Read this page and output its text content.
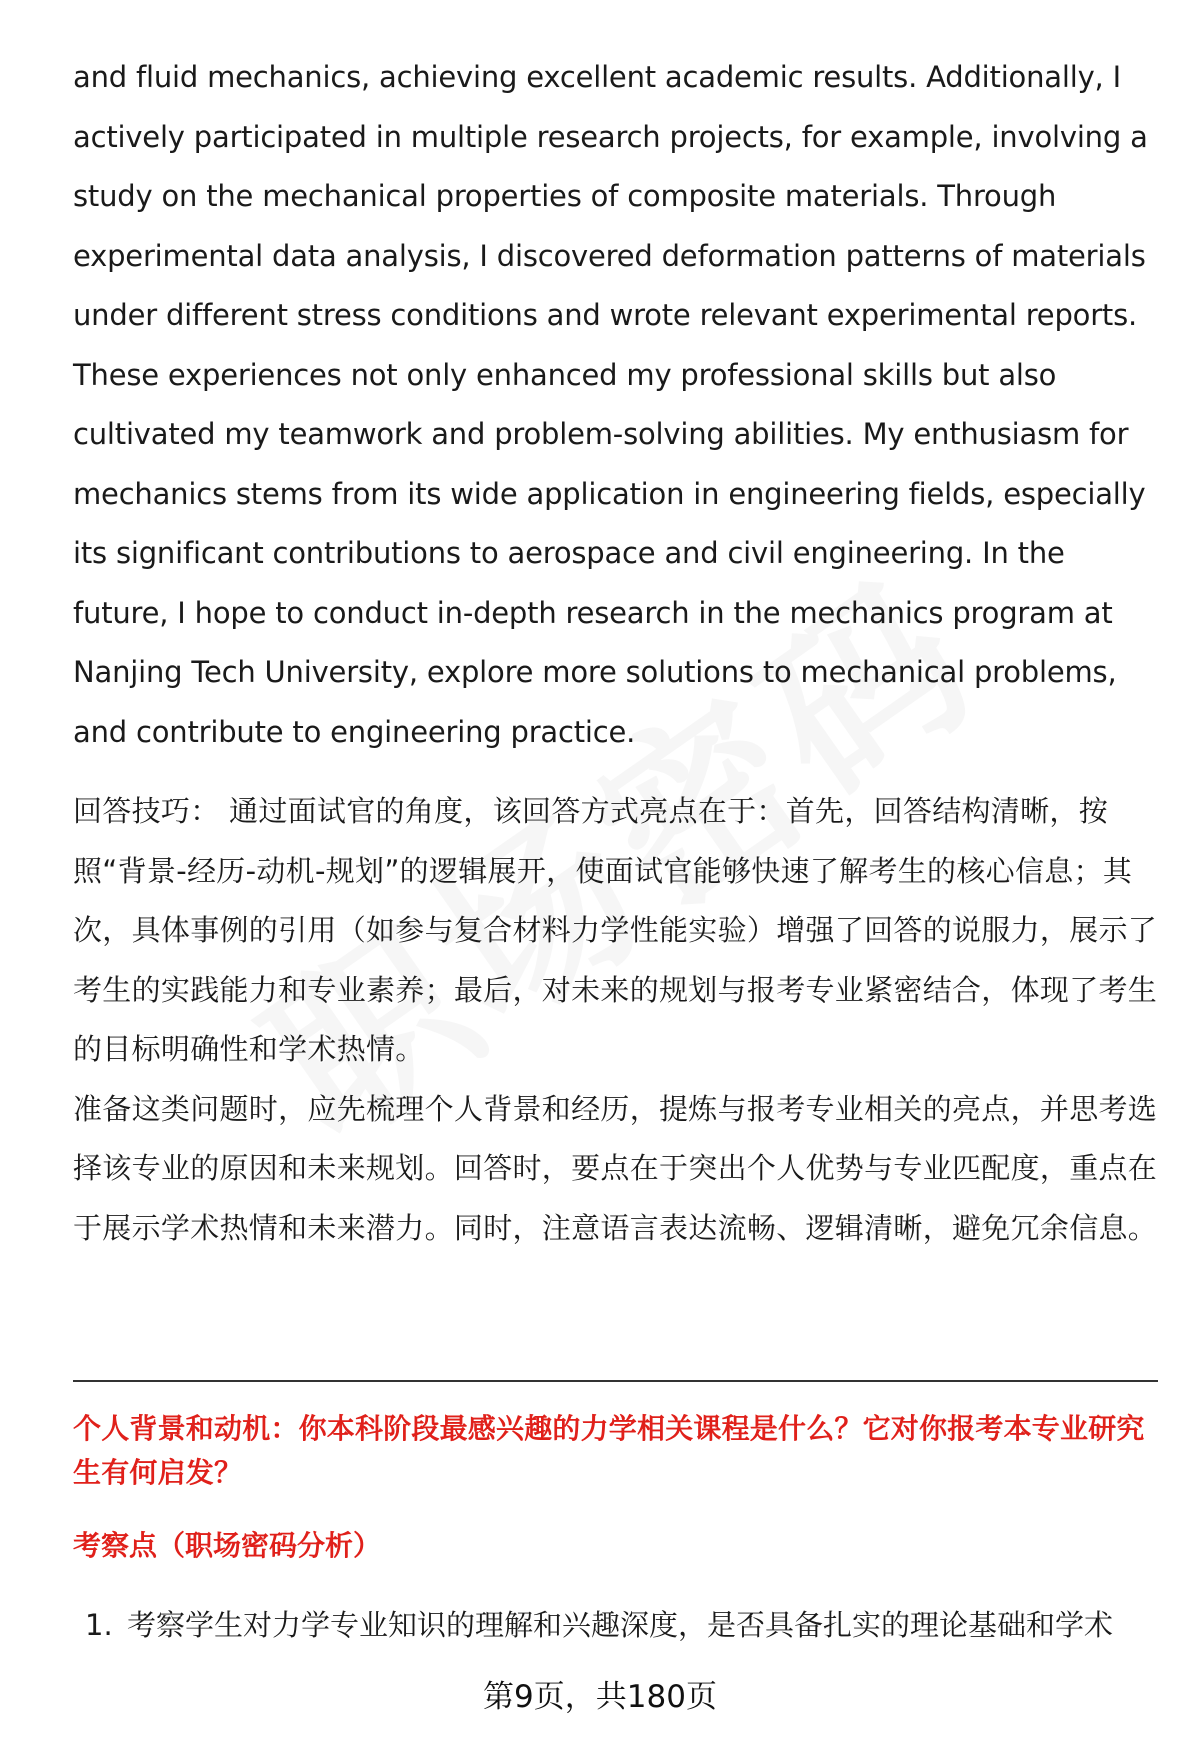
and fluid mechanics, achieving excellent academic results. Additionally, I actively participated in multiple research projects, for example, involving a study on the mechanical properties of composite materials. Through experimental data analysis, I discovered deformation patterns of materials under different stress conditions and wrote relevant experimental reports. These experiences not only enhanced my professional skills but also cultivated my teamwork and problem-solving abilities. My enthusiasm for mechanics stems from its wide application in engineering fields, especially its significant contributions to aerospace and civil engineering. In the future, I hope to conduct in-depth research in the mechanics program at Nanjing Tech University, explore more solutions to mechanical problems, and contribute to engineering practice.

回答技巧： 通过面试官的角度，该回答方式亮点在于：首先，回答结构清晰，按照“背景-经历-动机-规划”的逻辑展开，使面试官能够快速了解考生的核心信息；其次，具体事例的引用（如参与复合材料力学性能实验）增强了回答的说服力，展示了考生的实践能力和专业素养；最后，对未来的规划与报考专业紧密结合，体现了考生的目标明确性和学术热情。

准备这类问题时，应先梳理个人背景和经历，提炼与报考专业相关的亮点，并思考选择该专业的原因和未来规划。回答时，要点在于突出个人优势与专业匹配度，重点在于展示学术热情和未来潜力。同时，注意语言表达流畅、逻辑清晰，避免冗余信息。

个人背景和动机：你本科阶段最感兴趣的力学相关课程是什么？它对你报考本专业研究生有何启发？

考察点（职场密码分析）

1. 考察学生对力学专业知识的理解和兴趣深度，是否具备扎实的理论基础和学术
第9页，共180页
